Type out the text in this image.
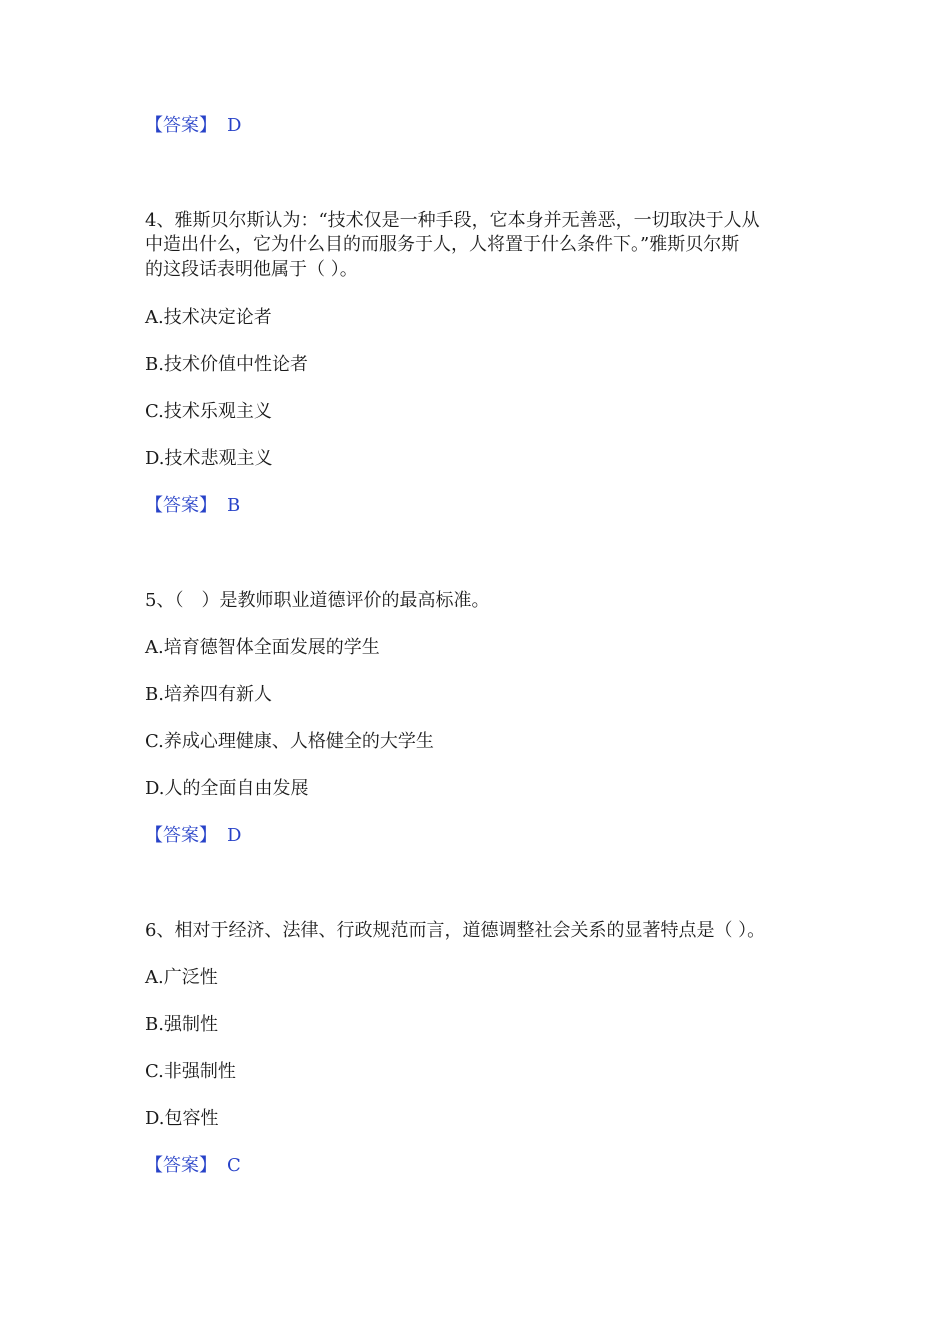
【答案】 D
4、雅斯贝尔斯认为：“技术仅是一种手段，它本身并无善恶，一切取决于人从
中造出什么，它为什么目的而服务于人，人将置于什么条件下。”雅斯贝尔斯
的这段话表明他属于（ ）。
A.技术决定论者
B.技术价值中性论者
C.技术乐观主义
D.技术悲观主义
【答案】 B
5、（　）是教师职业道德评价的最高标准。
A.培育德智体全面发展的学生
B.培养四有新人
C.养成心理健康、人格健全的大学生
D.人的全面自由发展
【答案】 D
6、相对于经济、法律、行政规范而言，道德调整社会关系的显著特点是（ ）。
A.广泛性
B.强制性
C.非强制性
D.包容性
【答案】 C
